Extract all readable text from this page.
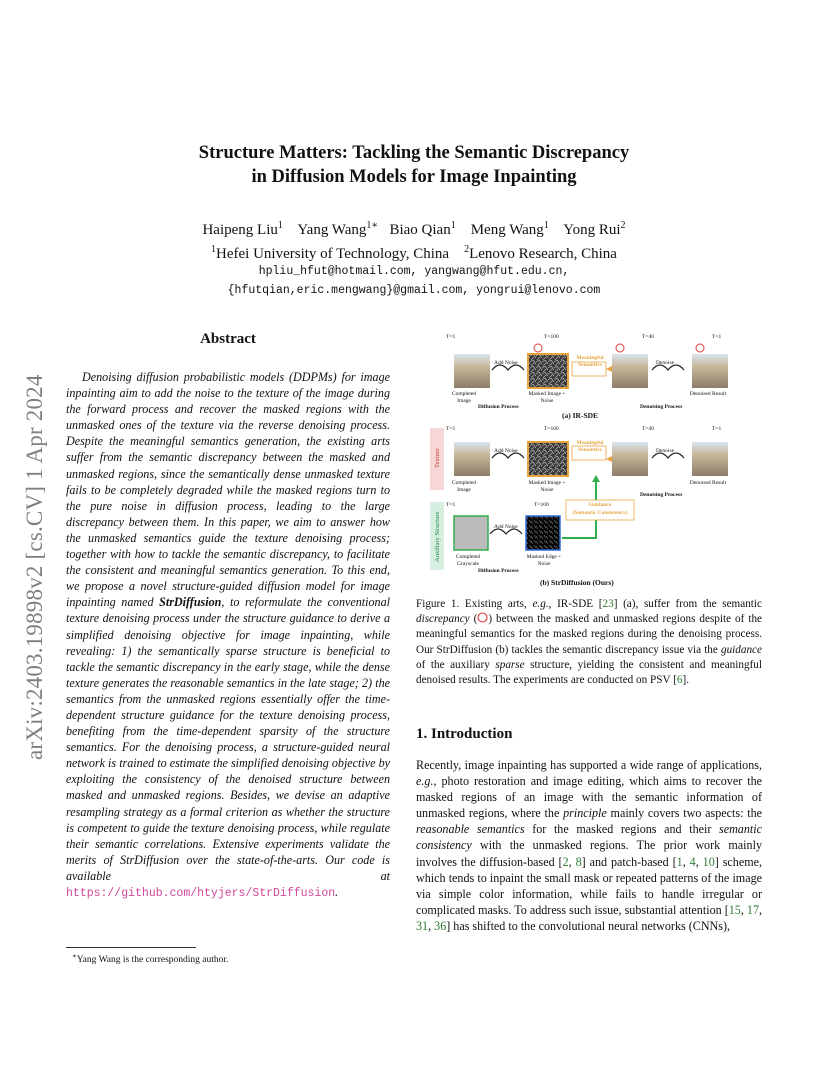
arXiv:2403.19898v2 [cs.CV] 1 Apr 2024
Structure Matters: Tackling the Semantic Discrepancy
in Diffusion Models for Image Inpainting
Haipeng Liu$^1$ Yang Wang$^{1∗}$ Biao Qian$^1$ Meng Wang$^1$ Yong Rui$^2$
$^1$Hefei University of Technology, China $^2$Lenovo Research, China
hpliu_hfut@hotmail.com, yangwang@hfut.edu.cn,
{hfutqian,eric.mengwang}@gmail.com, yongrui@lenovo.com
Abstract
Denoising diffusion probabilistic models (DDPMs) for image inpainting aim to add the noise to the texture of the image during the forward process and recover the masked regions with the unmasked ones of the texture via the reverse denoising process. Despite the meaningful semantics generation, the existing arts suffer from the semantic discrepancy between the masked and unmasked regions, since the semantically dense unmasked texture fails to be completely degraded while the masked regions turn to the pure noise in diffusion process, leading to the large discrepancy between them. In this paper, we aim to answer how the unmasked semantics guide the texture denoising process; together with how to tackle the semantic discrepancy, to facilitate the consistent and meaningful semantics generation. To this end, we propose a novel structure-guided diffusion model for image inpainting named StrDiffusion, to reformulate the conventional texture denoising process under the structure guidance to derive a simplified denoising objective for image inpainting, while revealing: 1) the semantically sparse structure is beneficial to tackle the semantic discrepancy in the early stage, while the dense texture generates the reasonable semantics in the late stage; 2) the semantics from the unmasked regions essentially offer the time-dependent structure guidance for the texture denoising process, benefiting from the time-dependent sparsity of the structure semantics. For the denoising process, a structure-guided neural network is trained to estimate the simplified denoising objective by exploiting the consistency of the denoised structure between masked and unmasked regions. Besides, we devise an adaptive resampling strategy as a formal criterion as whether the structure is competent to guide the texture denoising process, while regulate their semantic correlations. Extensive experiments validate the merits of StrDiffusion over the state-of-the-arts. Our code is available at https://github.com/htyjers/StrDiffusion.
∗Yang Wang is the corresponding author.
T=1	T=100	T=40	T=1
Add Noise	Denoise
Meaningful Semantics
Completed Image
Masked Image + Noise
Denoised Result
Diffusion Process	Denoising Process
(a) IR-SDE
T=1	T=100	T=40	T=1
Add Noise	Denoise
Meaningful Semantics
Texture
Completed Image
Masked Image + Noise
Denoised Result
Denoising Process
Guidance
(Semantic Consistency)
T=1	T=100
Add Noise
Auxiliary Structure	Completed Grayscale
Masked Edge + Noise
Diffusion Process
(b) StrDiffusion (Ours)
Figure 1. Existing arts, e.g., IR-SDE [23] (a), suffer from the semantic discrepancy ( ) between the masked and unmasked regions despite of the meaningful semantics for the masked regions during the denoising process. Our StrDiffusion (b) tackles the semantic discrepancy issue via the guidance of the auxiliary sparse structure, yielding the consistent and meaningful denoised results. The experiments are conducted on PSV [6].
1. Introduction
Recently, image inpainting has supported a wide range of applications, e.g., photo restoration and image editing, which aims to recover the masked regions of an image with the semantic information of unmasked regions, where the principle mainly covers two aspects: the reasonable semantics for the masked regions and their semantic consistency with the unmasked regions. The prior work mainly involves the diffusion-based [2, 8] and patch-based [1, 4, 10] scheme, which tends to inpaint the small mask or repeated patterns of the image via simple color information, while fails to handle irregular or complicated masks. To address such issue, substantial attention [15, 17, 31, 36] has shifted to the convolutional neural networks (CNNs),
